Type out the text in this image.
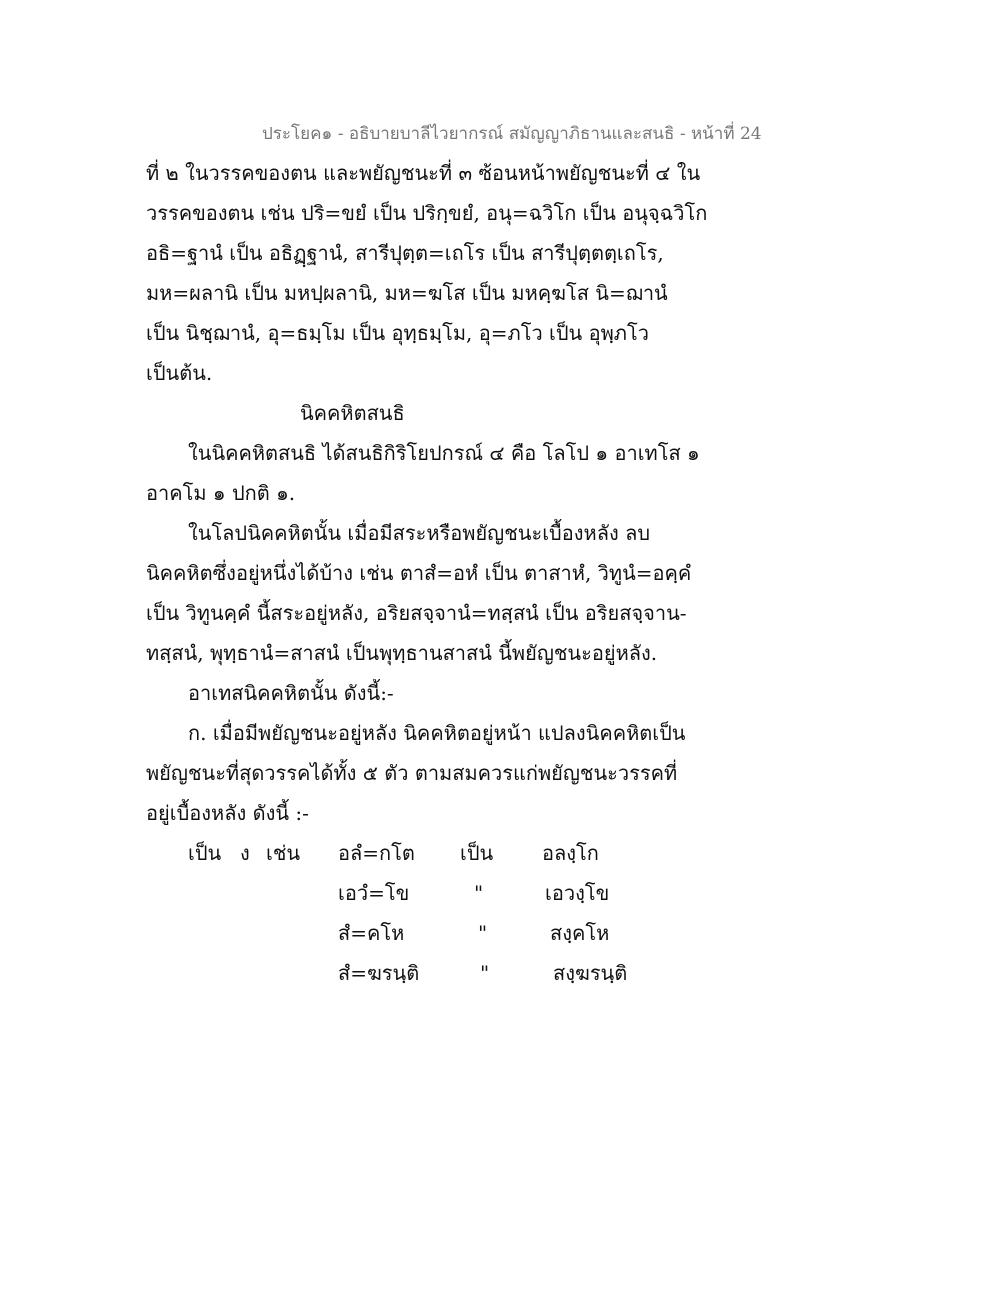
ประโยค๑ - อธิบายบาลีไวยากรณ์ สมัญญาภิธานและสนธิ - หน้าที่ 24
ที่ ๒ ในวรรคของตน และพยัญชนะที่ ๓ ซ้อนหน้าพยัญชนะที่ ๔ ใน
วรรคของตน เช่น ปริ=ขยํ เป็น ปริกฺขยํ, อนุ=ฉวิโก เป็น อนุจฺฉวิโก
อธิ=ฐานํ เป็น อธิฏฺฐานํ, สารีปุตฺต=เถโร เป็น สารีปุตฺตตฺเถโร,
มห=ผลานิ เป็น มหปฺผลานิ, มห=ฆโส เป็น มหคฺฆโส นิ=ฌานํ
เป็น นิชฺฌานํ, อุ=ธมฺโม เป็น อุทฺธมฺโม, อุ=ภโว เป็น อุพฺภโว
เป็นต้น.
นิคคหิตสนธิ
ในนิคคหิตสนธิ ได้สนธิกิริโยปกรณ์ ๔ คือ โลโป ๑ อาเทโส ๑
อาคโม ๑ ปกติ ๑.
ในโลปนิคคหิตนั้น เมื่อมีสระหรือพยัญชนะเบื้องหลัง ลบ
นิคคหิตซึ่งอยู่หนึ่งได้บ้าง เช่น ตาสํ=อหํ เป็น ตาสาหํ, วิทูนํ=อคฺคํ
เป็น วิทูนคฺคํ นี้สระอยู่หลัง, อริยสจฺจานํ=ทสฺสนํ เป็น อริยสจฺจาน-
ทสฺสนํ, พุทฺธานํ=สาสนํ เป็นพุทฺธานสาสนํ นี้พยัญชนะอยู่หลัง.
อาเทสนิคคหิตนั้น ดังนี้:-
ก. เมื่อมีพยัญชนะอยู่หลัง นิคคหิตอยู่หน้า แปลงนิคคหิตเป็น
พยัญชนะที่สุดวรรคได้ทั้ง ๕ ตัว ตามสมควรแก่พยัญชนะวรรคที่
อยู่เบื้องหลัง ดังนี้ :-
เป็น ง เช่น อลํ=กโต เป็น อลงฺโก
เอวํ=โข	"	เอวงฺโข
สํ=คโห	"	สงฺคโห
สํ=ฆรนฺติ	"	สงฺฆรนฺติ
